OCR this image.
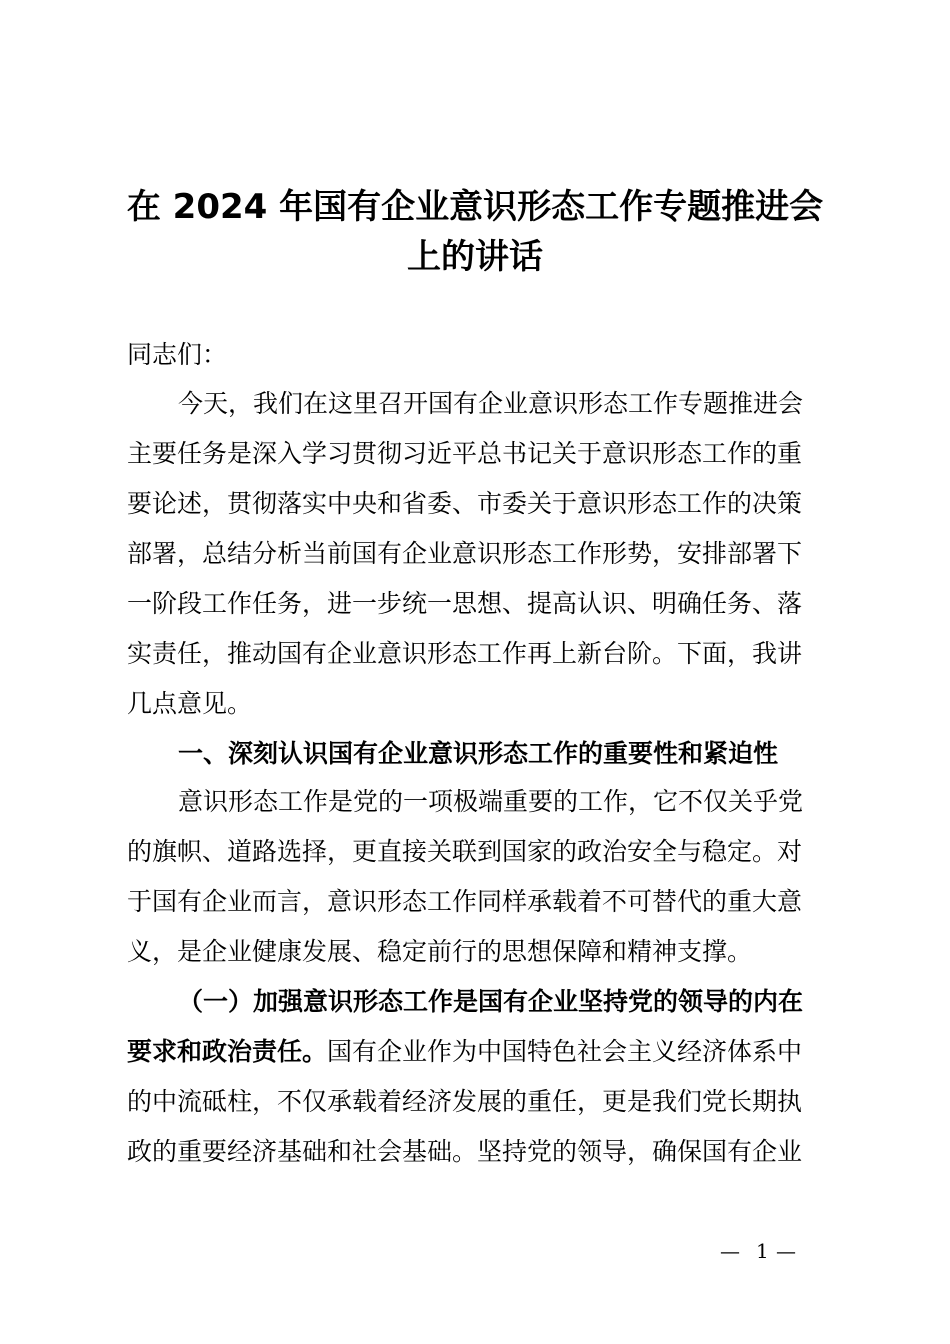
在 2024 年国有企业意识形态工作专题推进会
上的讲话

同志们：

今天，我们在这里召开国有企业意识形态工作专题推进会

主要任务是深入学习贯彻习近平总书记关于意识形态工作的重

要论述，贯彻落实中央和省委、市委关于意识形态工作的决策

部署，总结分析当前国有企业意识形态工作形势，安排部署下

一阶段工作任务，进一步统一思想、提高认识、明确任务、落

实责任，推动国有企业意识形态工作再上新台阶。下面，我讲

几点意见。

一、深刻认识国有企业意识形态工作的重要性和紧迫性

意识形态工作是党的一项极端重要的工作，它不仅关乎党

的旗帜、道路选择，更直接关联到国家的政治安全与稳定。对

于国有企业而言，意识形态工作同样承载着不可替代的重大意

义，是企业健康发展、稳定前行的思想保障和精神支撑。

（一）加强意识形态工作是国有企业坚持党的领导的内在

要求和政治责任。国有企业作为中国特色社会主义经济体系中

的中流砥柱，不仅承载着经济发展的重任，更是我们党长期执

政的重要经济基础和社会基础。坚持党的领导，确保国有企业

— 1 —
